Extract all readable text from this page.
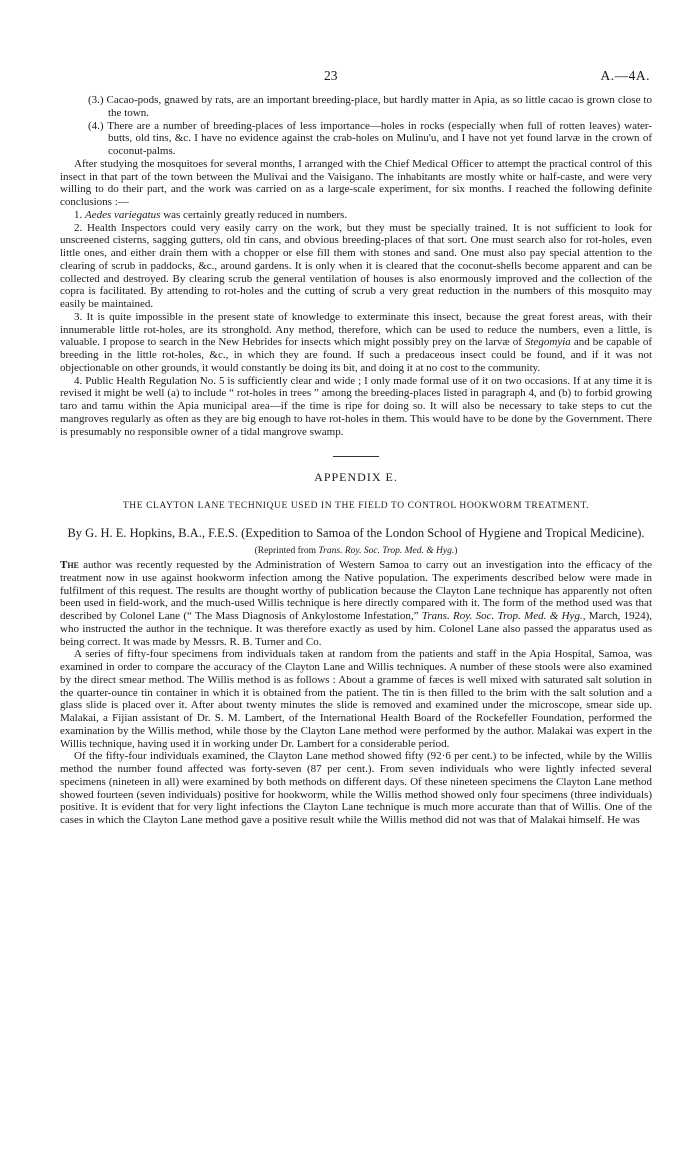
23	A.—4A.

(3.) Cacao-pods, gnawed by rats, are an important breeding-place, but hardly matter in Apia, as so little cacao is grown close to the town.

(4.) There are a number of breeding-places of less importance—holes in rocks (especially when full of rotten leaves) water-butts, old tins, &c. I have no evidence against the crab-holes on Mulinu'u, and I have not yet found larvæ in the crown of coconut-palms.

After studying the mosquitoes for several months, I arranged with the Chief Medical Officer to attempt the practical control of this insect in that part of the town between the Mulivai and the Vaisigano. The inhabitants are mostly white or half-caste, and were very willing to do their part, and the work was carried on as a large-scale experiment, for six months. I reached the following definite conclusions :—

1. Aedes variegatus was certainly greatly reduced in numbers.

2. Health Inspectors could very easily carry on the work, but they must be specially trained. It is not sufficient to look for unscreened cisterns, sagging gutters, old tin cans, and obvious breeding-places of that sort. One must search also for rot-holes, even little ones, and either drain them with a chopper or else fill them with stones and sand. One must also pay special attention to the clearing of scrub in paddocks, &c., around gardens. It is only when it is cleared that the coconut-shells become apparent and can be collected and destroyed. By clearing scrub the general ventilation of houses is also enormously improved and the collection of the copra is facilitated. By attending to rot-holes and the cutting of scrub a very great reduction in the numbers of this mosquito may easily be maintained.

3. It is quite impossible in the present state of knowledge to exterminate this insect, because the great forest areas, with their innumerable little rot-holes, are its stronghold. Any method, therefore, which can be used to reduce the numbers, even a little, is valuable. I propose to search in the New Hebrides for insects which might possibly prey on the larvæ of Stegomyia and be capable of breeding in the little rot-holes, &c., in which they are found. If such a predaceous insect could be found, and if it was not objectionable on other grounds, it would constantly be doing its bit, and doing it at no cost to the community.

4. Public Health Regulation No. 5 is sufficiently clear and wide ; I only made formal use of it on two occasions. If at any time it is revised it might be well (a) to include “ rot-holes in trees ” among the breeding-places listed in paragraph 4, and (b) to forbid growing taro and tamu within the Apia municipal area—if the time is ripe for doing so. It will also be necessary to take steps to cut the mangroves regularly as often as they are big enough to have rot-holes in them. This would have to be done by the Government. There is presumably no responsible owner of a tidal mangrove swamp.

APPENDIX E.
THE CLAYTON LANE TECHNIQUE USED IN THE FIELD TO CONTROL HOOKWORM TREATMENT.
By G. H. E. Hopkins, B.A., F.E.S. (Expedition to Samoa of the London School of Hygiene and Tropical Medicine).
(Reprinted from Trans. Roy. Soc. Trop. Med. & Hyg.)

The author was recently requested by the Administration of Western Samoa to carry out an investigation into the efficacy of the treatment now in use against hookworm infection among the Native population. The experiments described below were made in fulfilment of this request. The results are thought worthy of publication because the Clayton Lane technique has apparently not often been used in field-work, and the much-used Willis technique is here directly compared with it. The form of the method used was that described by Colonel Lane (“ The Mass Diagnosis of Ankylostome Infestation,” Trans. Roy. Soc. Trop. Med. & Hyg., March, 1924), who instructed the author in the technique. It was therefore exactly as used by him. Colonel Lane also passed the apparatus used as being correct. It was made by Messrs. R. B. Turner and Co.

A series of fifty-four specimens from individuals taken at random from the patients and staff in the Apia Hospital, Samoa, was examined in order to compare the accuracy of the Clayton Lane and Willis techniques. A number of these stools were also examined by the direct smear method. The Willis method is as follows : About a gramme of fæces is well mixed with saturated salt solution in the quarter-ounce tin container in which it is obtained from the patient. The tin is then filled to the brim with the salt solution and a glass slide is placed over it. After about twenty minutes the slide is removed and examined under the microscope, smear side up. Malakai, a Fijian assistant of Dr. S. M. Lambert, of the International Health Board of the Rockefeller Foundation, performed the examination by the Willis method, while those by the Clayton Lane method were performed by the author. Malakai was expert in the Willis technique, having used it in working under Dr. Lambert for a considerable period.

Of the fifty-four individuals examined, the Clayton Lane method showed fifty (92·6 per cent.) to be infected, while by the Willis method the number found affected was forty-seven (87 per cent.). From seven individuals who were lightly infected several specimens (nineteen in all) were examined by both methods on different days. Of these nineteen specimens the Clayton Lane method showed fourteen (seven individuals) positive for hookworm, while the Willis method showed only four specimens (three individuals) positive. It is evident that for very light infections the Clayton Lane technique is much more accurate than that of Willis. One of the cases in which the Clayton Lane method gave a positive result while the Willis method did not was that of Malakai himself. He was
